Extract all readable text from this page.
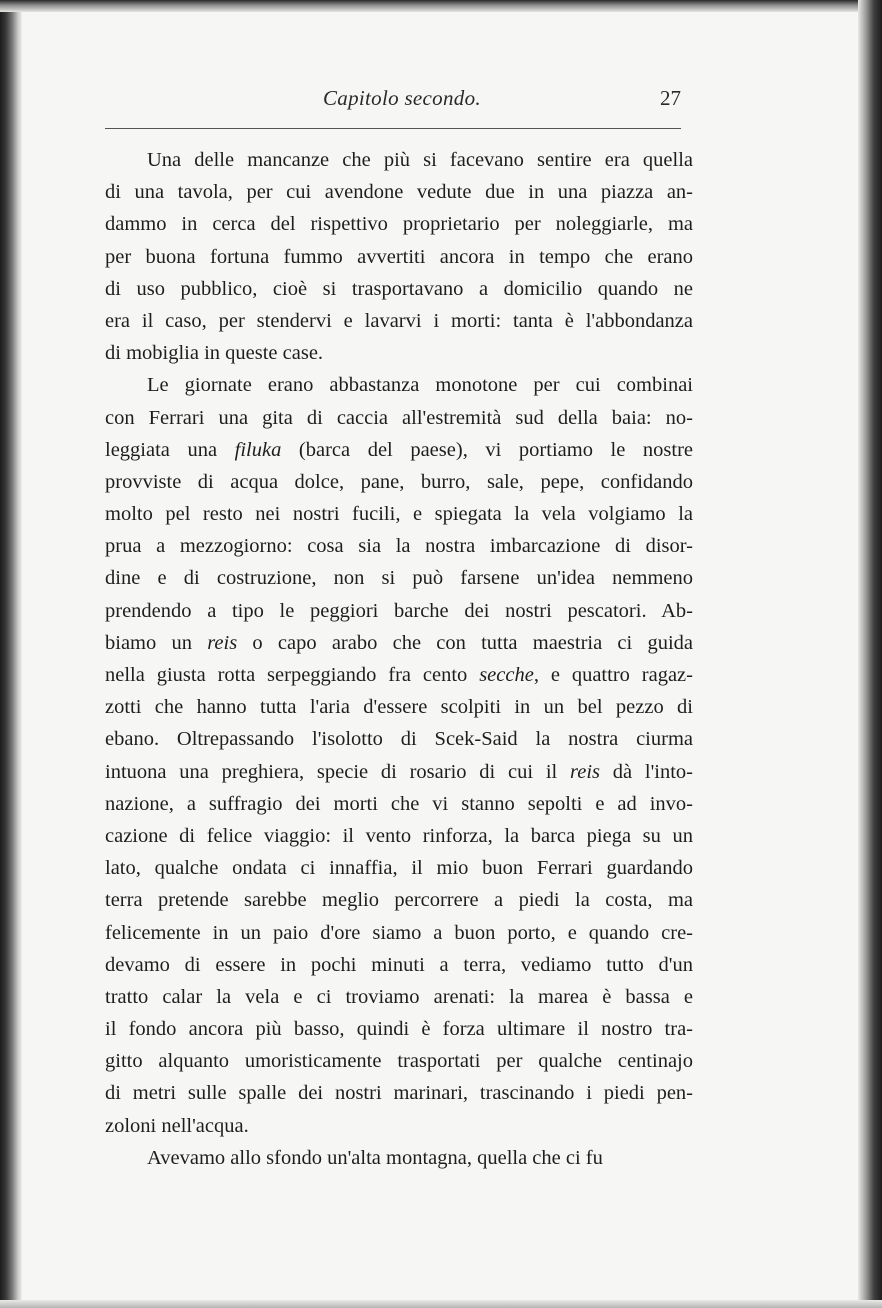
Capitolo secondo.	27
Una delle mancanze che più si facevano sentire era quella
di una tavola, per cui avendone vedute due in una piazza an-
dammo in cerca del rispettivo proprietario per noleggiarle, ma
per buona fortuna fummo avvertiti ancora in tempo che erano
di uso pubblico, cioè si trasportavano a domicilio quando ne
era il caso, per stendervi e lavarvi i morti: tanta è l'abbondanza
di mobiglia in queste case.
Le giornate erano abbastanza monotone per cui combinai
con Ferrari una gita di caccia all'estremità sud della baia: no-
leggiata una filuka (barca del paese), vi portiamo le nostre
provviste di acqua dolce, pane, burro, sale, pepe, confidando
molto pel resto nei nostri fucili, e spiegata la vela volgiamo la
prua a mezzogiorno: cosa sia la nostra imbarcazione di disor-
dine e di costruzione, non si può farsene un'idea nemmeno
prendendo a tipo le peggiori barche dei nostri pescatori. Ab-
biamo un reis o capo arabo che con tutta maestria ci guida
nella giusta rotta serpeggiando fra cento secche, e quattro ragaz-
zotti che hanno tutta l'aria d'essere scolpiti in un bel pezzo di
ebano. Oltrepassando l'isolotto di Scek-Said la nostra ciurma
intuona una preghiera, specie di rosario di cui il reis dà l'into-
nazione, a suffragio dei morti che vi stanno sepolti e ad invo-
cazione di felice viaggio: il vento rinforza, la barca piega su un
lato, qualche ondata ci innaffia, il mio buon Ferrari guardando
terra pretende sarebbe meglio percorrere a piedi la costa, ma
felicemente in un paio d'ore siamo a buon porto, e quando cre-
devamo di essere in pochi minuti a terra, vediamo tutto d'un
tratto calar la vela e ci troviamo arenati: la marea è bassa e
il fondo ancora più basso, quindi è forza ultimare il nostro tra-
gitto alquanto umoristicamente trasportati per qualche centinajo
di metri sulle spalle dei nostri marinari, trascinando i piedi pen-
zoloni nell'acqua.
Avevamo allo sfondo un'alta montagna, quella che ci fu
